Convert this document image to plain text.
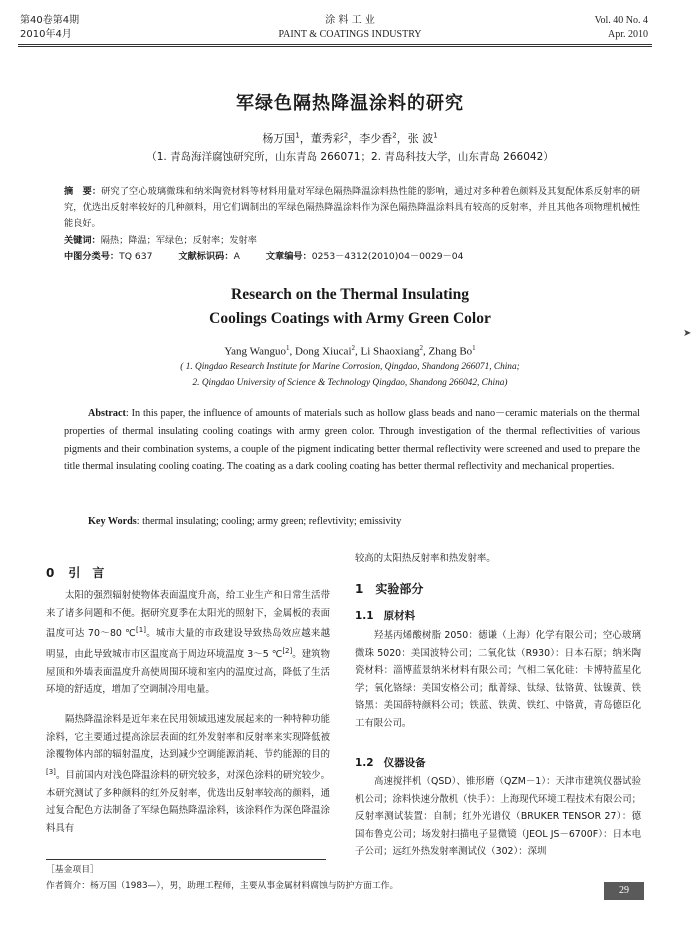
第40卷第4期
2010年4月
涂 料 工 业
PAINT & COATINGS INDUSTRY
Vol. 40 No. 4
Apr. 2010
军绿色隔热降温涂料的研究
杨万国$^1$，董秀彩$^2$，李少香$^2$，张 波$^1$
（1. 青岛海洋腐蚀研究所，山东青岛 266071；2. 青岛科技大学，山东青岛 266042）
摘　要：研究了空心玻璃微珠和纳米陶瓷材料等材料用量对军绿色隔热降温涂料热性能的影响，通过对多种着色颜料及其复配体系反射率的研究，优选出反射率较好的几种颜料，用它们调制出的军绿色隔热降温涂料作为深色隔热降温涂料具有较高的反射率，并且其他各项物理机械性能良好。
关键词：隔热；降温；军绿色；反射率；发射率
中图分类号：TQ 637	文献标识码：A	文章编号：0253－4312(2010)04－0029－04
Research on the Thermal Insulating
Coolings Coatings with Army Green Color
Yang Wanguo$^1$, Dong Xiucai$^2$, Li Shaoxiang$^2$, Zhang Bo$^1$
( 1. Qingdao Research Institute for Marine Corrosion, Qingdao, Shandong 266071, China;
2. Qingdao University of Science & Technology Qingdao, Shandong 266042, China)
➤
Abstract: In this paper, the influence of amounts of materials such as hollow glass beads and nano－ceramic materials on the thermal properties of thermal insulating cooling coatings with army green color. Through investigation of the thermal reflectivities of various pigments and their combination systems, a couple of the pigment indicating better thermal reflectivity were screened and used to prepare the title thermal insulating cooling coating. The coating as a dark cooling coating has better thermal reflectivity and mechanical properties.
Key Words: thermal insulating; cooling; army green; reflevtivity; emissivity
0 引　言
太阳的强烈辐射使物体表面温度升高，给工业生产和日常生活带来了诸多问题和不便。据研究夏季在太阳光的照射下，金属板的表面温度可达 70～80 ℃[1]。城市大量的市政建设导致热岛效应越来越明显，由此导致城市市区温度高于周边环境温度 3～5 ℃[2]。建筑物屋顶和外墙表面温度升高使周围环境和室内的温度过高，降低了生活环境的舒适度，增加了空调制冷用电量。
隔热降温涂料是近年来在民用领域迅速发展起来的一种特种功能涂料，它主要通过提高涂层表面的红外发射率和反射率来实现降低被涂覆物体内部的辐射温度，达到减少空调能源消耗、节约能源的目的[3]。目前国内对浅色降温涂料的研究较多，对深色涂料的研究较少。本研究测试了多种颜料的红外反射率，优选出反射率较高的颜料，通过复合配色方法制备了军绿色隔热降温涂料，该涂料作为深色降温涂料具有
较高的太阳热反射率和热发射率。
1 实验部分
1.1 原材料
羟基丙烯酸树脂 2050：德谦（上海）化学有限公司；空心玻璃微珠 5020：美国波特公司；二氧化钛（R930）：日本石原；纳米陶瓷材料：淄博蓝景纳米材料有限公司；气相二氧化硅：卡博特蓝星化学；氧化铬绿：美国安格公司；酞菁绿、钛绿、钛铬黄、钛镍黄、铁铬黑：美国薛特颜料公司；铁蓝、铁黄、铁红、中铬黄，青岛德臣化工有限公司。
1.2 仪器设备
高速搅拌机（QSD）、锥形磨（QZM－1）：天津市建筑仪器试验机公司；涂料快速分散机（快手）：上海现代环境工程技术有限公司；反射率测试装置：自制；红外光谱仪（BRUKER TENSOR 27）：德国布鲁克公司；场发射扫描电子显微镜（JEOL JS－6700F）：日本电子公司；远红外热发射率测试仪（302）：深圳
［基金项目］
作者简介：杨万国（1983—），男，助理工程师，主要从事金属材料腐蚀与防护方面工作。	29
